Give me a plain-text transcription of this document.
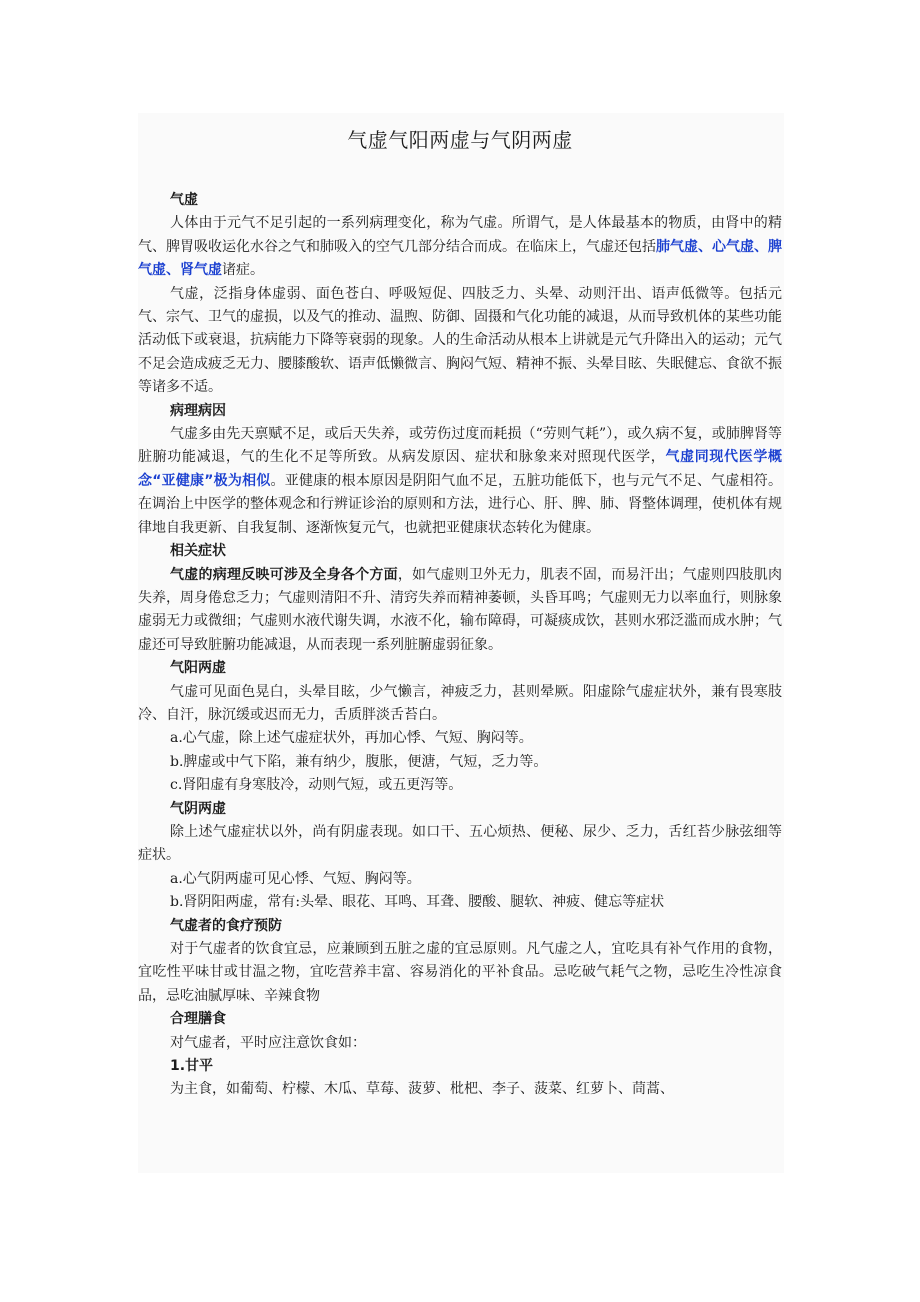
气虚气阳两虚与气阴两虚
气虚

人体由于元气不足引起的一系列病理变化，称为气虚。所谓气，是人体最基本的物质，由肾中的精气、脾胃吸收运化水谷之气和肺吸入的空气几部分结合而成。在临床上，气虚还包括肺气虚、心气虚、脾气虚、肾气虚诸症。

气虚，泛指身体虚弱、面色苍白、呼吸短促、四肢乏力、头晕、动则汗出、语声低微等。包括元气、宗气、卫气的虚损，以及气的推动、温煦、防御、固摄和气化功能的减退，从而导致机体的某些功能活动低下或衰退，抗病能力下降等衰弱的现象。人的生命活动从根本上讲就是元气升降出入的运动；元气不足会造成疲乏无力、腰膝酸软、语声低懒微言、胸闷气短、精神不振、头晕目眩、失眠健忘、食欲不振等诸多不适。

病理病因

气虚多由先天禀赋不足，或后天失养，或劳伤过度而耗损（“劳则气耗”），或久病不复，或肺脾肾等脏腑功能减退，气的生化不足等所致。从病发原因、症状和脉象来对照现代医学，气虚同现代医学概念“亚健康”极为相似。亚健康的根本原因是阴阳气血不足，五脏功能低下，也与元气不足、气虚相符。在调治上中医学的整体观念和行辨证诊治的原则和方法，进行心、肝、脾、肺、肾整体调理，使机体有规律地自我更新、自我复制、逐渐恢复元气，也就把亚健康状态转化为健康。

相关症状

气虚的病理反映可涉及全身各个方面，如气虚则卫外无力，肌表不固，而易汗出；气虚则四肢肌肉失养，周身倦怠乏力；气虚则清阳不升、清窍失养而精神萎顿，头昏耳鸣；气虚则无力以率血行，则脉象虚弱无力或微细；气虚则水液代谢失调，水液不化，输布障碍，可凝痰成饮，甚则水邪泛滥而成水肿；气虚还可导致脏腑功能减退，从而表现一系列脏腑虚弱征象。

气阳两虚

气虚可见面色晃白，头晕目眩，少气懒言，神疲乏力，甚则晕厥。阳虚除气虚症状外，兼有畏寒肢冷、自汗，脉沉缓或迟而无力，舌质胖淡舌苔白。

a.心气虚，除上述气虚症状外，再加心悸、气短、胸闷等。

b.脾虚或中气下陷，兼有纳少，腹胀，便溏，气短，乏力等。

c.肾阳虚有身寒肢冷，动则气短，或五更泻等。

气阴两虚

除上述气虚症状以外，尚有阴虚表现。如口干、五心烦热、便秘、尿少、乏力，舌红苔少脉弦细等症状。

a.心气阴两虚可见心悸、气短、胸闷等。

b.肾阴阳两虚，常有:头晕、眼花、耳鸣、耳聋、腰酸、腿软、神疲、健忘等症状

气虚者的食疗预防

对于气虚者的饮食宜忌，应兼顾到五脏之虚的宜忌原则。凡气虚之人，宜吃具有补气作用的食物，宜吃性平味甘或甘温之物，宜吃营养丰富、容易消化的平补食品。忌吃破气耗气之物，忌吃生冷性凉食品，忌吃油腻厚味、辛辣食物

合理膳食

对气虚者，平时应注意饮食如：

1.甘平

为主食，如葡萄、柠檬、木瓜、草莓、菠萝、枇杷、李子、菠菜、红萝卜、茼蒿、
